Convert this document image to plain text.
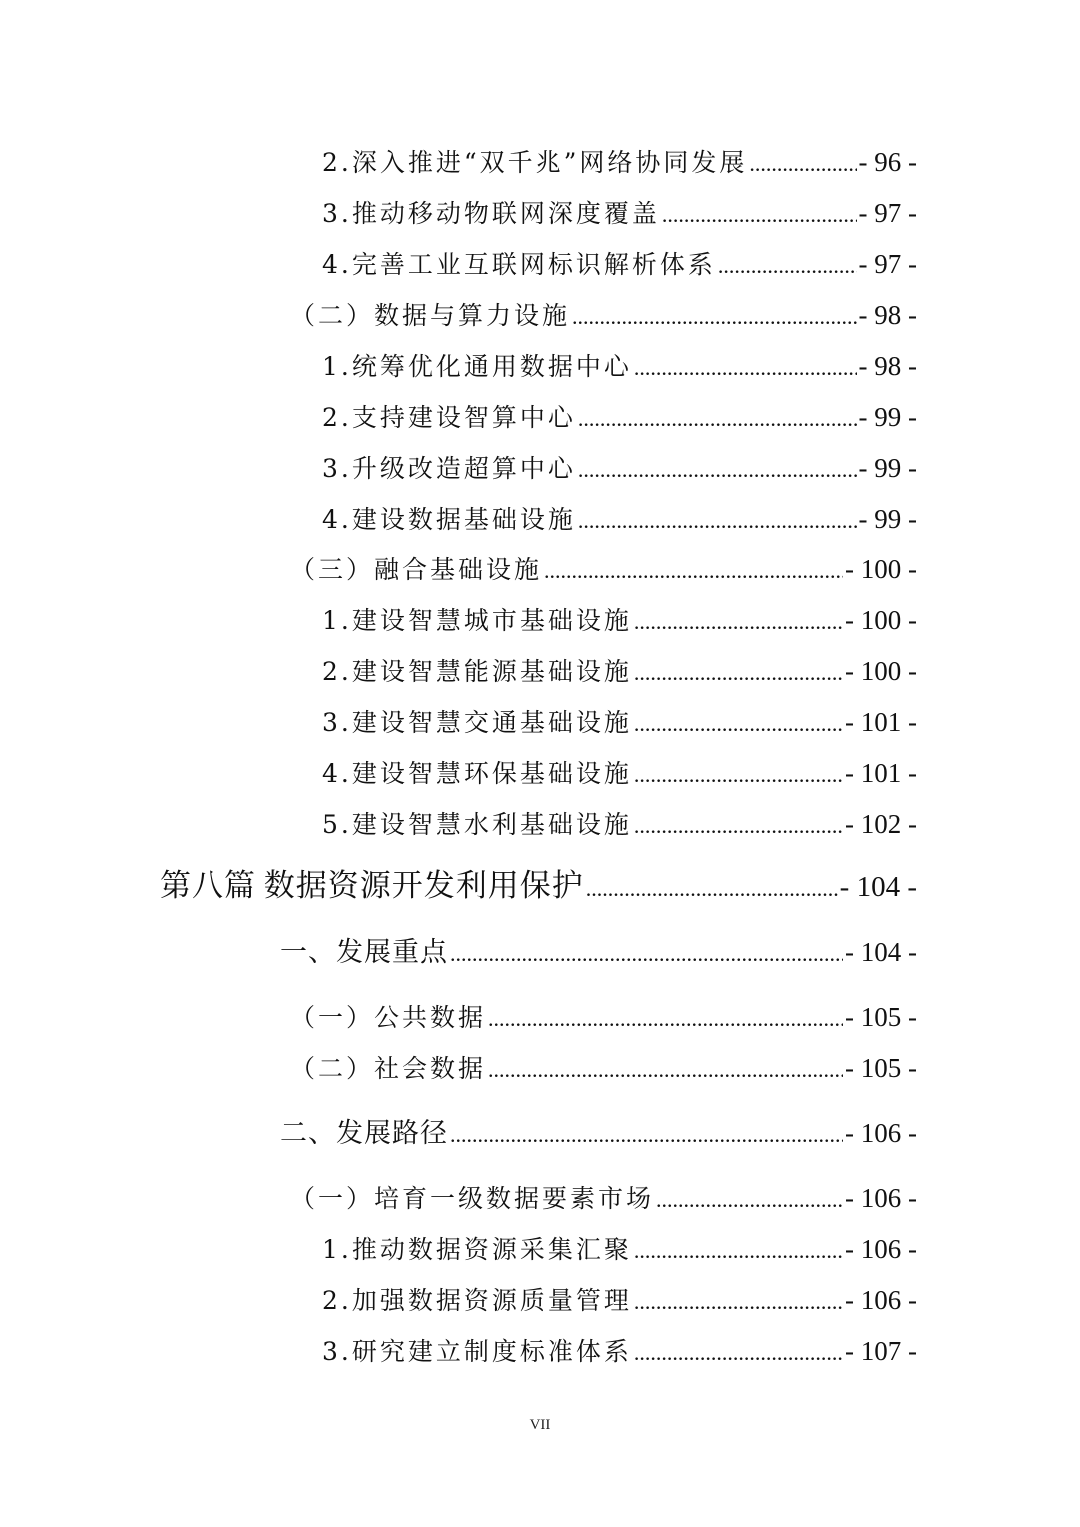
2.深入推进“双千兆”网络协同发展 .....	- 96 -
3.推动移动物联网深度覆盖 .....	- 97 -
4.完善工业互联网标识解析体系 .....	- 97 -
（二）数据与算力设施 .....	- 98 -
1.统筹优化通用数据中心 .....	- 98 -
2.支持建设智算中心 .....	- 99 -
3.升级改造超算中心 .....	- 99 -
4.建设数据基础设施 .....	- 99 -
（三）融合基础设施 .....	- 100 -
1.建设智慧城市基础设施 .....	- 100 -
2.建设智慧能源基础设施 .....	- 100 -
3.建设智慧交通基础设施 .....	- 101 -
4.建设智慧环保基础设施 .....	- 101 -
5.建设智慧水利基础设施 .....	- 102 -
第八篇 数据资源开发利用保护 .....	- 104 -
一、发展重点 .....	- 104 -
（一）公共数据 .....	- 105 -
（二）社会数据 .....	- 105 -
二、发展路径 .....	- 106 -
（一）培育一级数据要素市场 .....	- 106 -
1.推动数据资源采集汇聚 .....	- 106 -
2.加强数据资源质量管理 .....	- 106 -
3.研究建立制度标准体系 .....	- 107 -
VII
